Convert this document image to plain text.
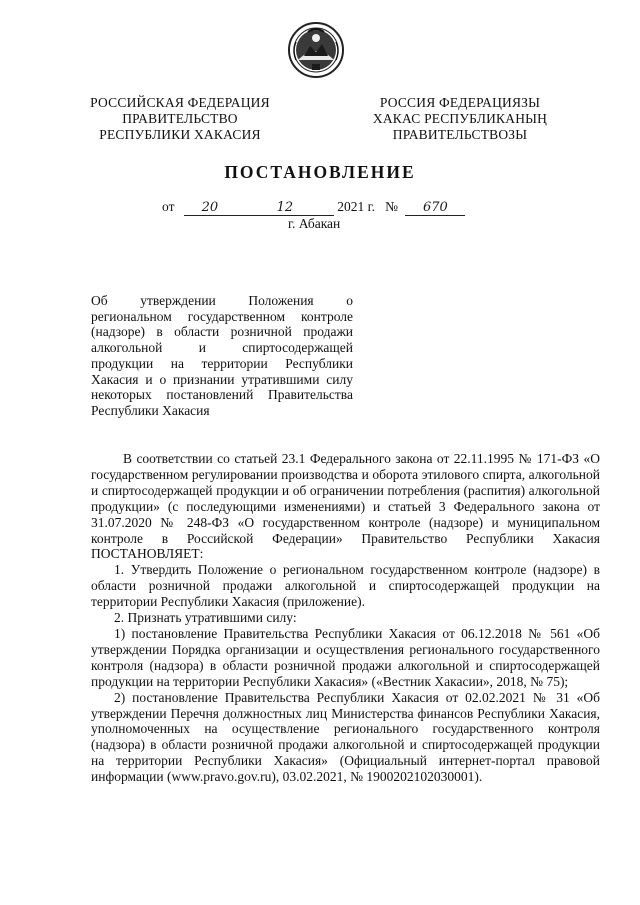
РОССИЙСКАЯ ФЕДЕРАЦИЯ
ПРАВИТЕЛЬСТВО
РЕСПУБЛИКИ ХАКАСИЯ
РОССИЯ ФЕДЕРАЦИЯЗЫ
ХАКАС РЕСПУБЛИКАНЫҢ
ПРАВИТЕЛЬСТВОЗЫ
ПОСТАНОВЛЕНИЕ
от 20	12	2021 г. № 670
г. Абакан
Об утверждении Положения о
региональном государственном контроле
(надзоре) в области розничной продажи
алкогольной и спиртосодержащей
продукции на территории Республики
Хакасия и о признании утратившими силу
некоторых постановлений Правительства
Республики Хакасия

В соответствии со статьей 23.1 Федерального закона от 22.11.1995 № 171-ФЗ «О государственном регулировании производства и оборота этилового спирта, алкогольной и спиртосодержащей продукции и об ограничении потребления (распития) алкогольной продукции» (с последующими изменениями) и статьей 3 Федерального закона от 31.07.2020 № 248-ФЗ «О государственном контроле (надзоре) и муниципальном контроле в Российской Федерации» Правительство Республики Хакасия ПОСТАНОВЛЯЕТ:

1. Утвердить Положение о региональном государственном контроле (надзоре) в области розничной продажи алкогольной и спиртосодержащей продукции на территории Республики Хакасия (приложение).

2. Признать утратившими силу:

1) постановление Правительства Республики Хакасия от 06.12.2018 № 561 «Об утверждении Порядка организации и осуществления регионального государственного контроля (надзора) в области розничной продажи алкогольной и спиртосодержащей продукции на территории Республики Хакасия» («Вестник Хакасии», 2018, № 75);

2) постановление Правительства Республики Хакасия от 02.02.2021 № 31 «Об утверждении Перечня должностных лиц Министерства финансов Республики Хакасия, уполномоченных на осуществление регионального государственного контроля (надзора) в области розничной продажи алкогольной и спиртосодержащей продукции на территории Республики Хакасия» (Официальный интернет-портал правовой информации (www.pravo.gov.ru), 03.02.2021, № 1900202102030001).
